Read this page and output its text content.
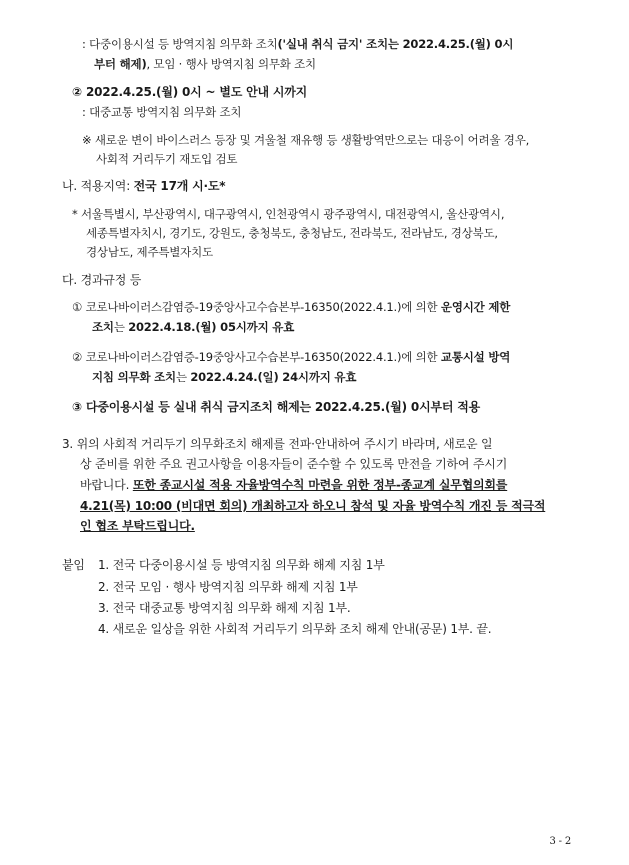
: 다중이용시설 등 방역지침 의무화 조치('실내 취식 금지' 조치는 2022.4.25.(월) 0시
부터 해제), 모임 · 행사 방역지침 의무화 조치
② 2022.4.25.(월) 0시 ~ 별도 안내 시까지
: 대중교통 방역지침 의무화 조치
※ 새로운 변이 바이스러스 등장 및 겨울철 재유행 등 생활방역만으로는 대응이 어려울 경우,
사회적 거리두기 재도입 검토
나. 적용지역: 전국 17개 시·도*
* 서울특별시, 부산광역시, 대구광역시, 인천광역시 광주광역시, 대전광역시, 울산광역시,
세종특별자치시, 경기도, 강원도, 충청북도, 충청남도, 전라북도, 전라남도, 경상북도,
경상남도, 제주특별자치도
다. 경과규정 등
① 코로나바이러스감염증-19중앙사고수습본부-16350(2022.4.1.)에 의한 운영시간 제한
조치는 2022.4.18.(월) 05시까지 유효
② 코로나바이러스감염증-19중앙사고수습본부-16350(2022.4.1.)에 의한 교통시설 방역
지침 의무화 조치는 2022.4.24.(일) 24시까지 유효
③ 다중이용시설 등 실내 취식 금지조치 해제는 2022.4.25.(월) 0시부터 적용
3. 위의 사회적 거리두기 의무화조치 해제를 전파·안내하여 주시기 바라며, 새로운 일
상 준비를 위한 주요 권고사항을 이용자들이 준수할 수 있도록 만전을 기하여 주시기
바랍니다. 또한 종교시설 적용 자율방역수칙 마련을 위한 정부-종교계 실무협의회를
4.21(목) 10:00 (비대면 회의) 개최하고자 하오니 참석 및 자율 방역수칙 개진 등 적극적
인 협조 부탁드립니다.
붙임 1. 전국 다중이용시설 등 방역지침 의무화 해제 지침 1부
2. 전국 모임 · 행사 방역지침 의무화 해제 지침 1부
3. 전국 대중교통 방역지침 의무화 해제 지침 1부.
4. 새로운 일상을 위한 사회적 거리두기 의무화 조치 해제 안내(공문) 1부. 끝.
3 - 2
